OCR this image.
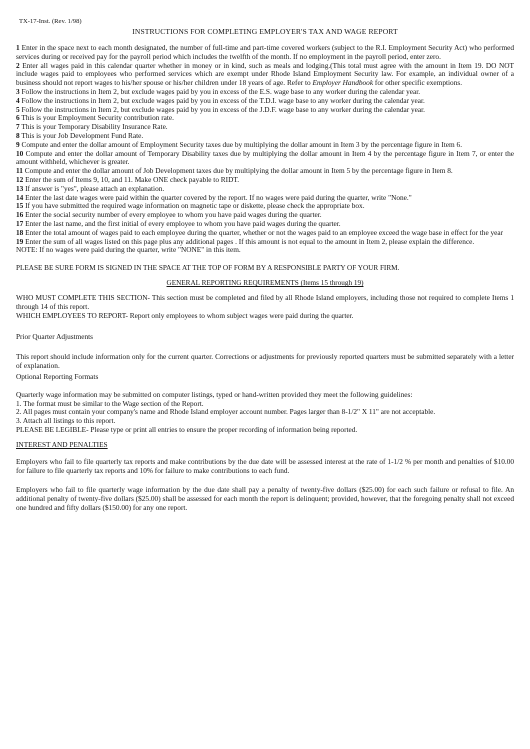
TX-17-Inst. (Rev. 1/98)
INSTRUCTIONS FOR COMPLETING EMPLOYER'S TAX AND WAGE REPORT

1 Enter in the space next to each month designated, the number of full-time and part-time covered workers (subject to the R.I. Employment Security Act) who performed services during or received pay for the payroll period which includes the twelfth of the month. If no employment in the payroll period, enter zero.

2 Enter all wages paid in this calendar quarter whether in money or in kind, such as meals and lodging.(This total must agree with the amount in Item 19. DO NOT include wages paid to employees who performed services which are exempt under Rhode Island Employment Security law. For example, an individual owner of a business should not report wages to his/her spouse or his/her children under 18 years of age. Refer to Employer Handbook for other specific exemptions.

3 Follow the instructions in Item 2, but exclude wages paid by you in excess of the E.S. wage base to any worker during the calendar year.

4 Follow the instructions in Item 2, but exclude wages paid by you in excess of the T.D.I. wage base to any worker during the calendar year.

5 Follow the instructions in Item 2, but exclude wages paid by you in excess of the J.D.F. wage base to any worker during the calendar year.

6 This is your Employment Security contribution rate.

7 This is your Temporary Disability Insurance Rate.

8 This is your Job Development Fund Rate.

9 Compute and enter the dollar amount of Employment Security taxes due by multiplying the dollar amount in Item 3 by the percentage figure in Item 6.

10 Compute and enter the dollar amount of Temporary Disability taxes due by multiplying the dollar amount in Item 4 by the percentage figure in Item 7, or enter the amount withheld, whichever is greater.

11 Compute and enter the dollar amount of Job Development taxes due by multiplying the dollar amount in Item 5 by the percentage figure in Item 8.

12 Enter the sum of Items 9, 10, and 11. Make ONE check payable to RIDT.

13 If answer is "yes", please attach an explanation.

14 Enter the last date wages were paid within the quarter covered by the report. If no wages were paid during the quarter, write "None."

15 If you have submitted the required wage information on magnetic tape or diskette, please check the appropriate box.

16 Enter the social security number of every employee to whom you have paid wages during the quarter.

17 Enter the last name, and the first initial of every employee to whom you have paid wages during the quarter.

18 Enter the total amount of wages paid to each employee during the quarter, whether or not the wages paid to an employee exceed the wage base in effect for the year

19 Enter the sum of all wages listed on this page plus any additional pages . If this amount is not equal to the amount in Item 2, please explain the difference.

NOTE: If no wages were paid during the quarter, write "NONE" in this item.

PLEASE BE SURE FORM IS SIGNED IN THE SPACE AT THE TOP OF FORM BY A RESPONSIBLE PARTY OF YOUR FIRM.

GENERAL REPORTING REQUIREMENTS (Items 15 through 19)

WHO MUST COMPLETE THIS SECTION- This section must be completed and filed by all Rhode Island employers, including those not required to complete Items 1 through 14 of this report.

WHICH EMPLOYEES TO REPORT- Report only employees to whom subject wages were paid during the quarter.

Prior Quarter Adjustments

This report should include information only for the current quarter. Corrections or adjustments for previously reported quarters must be submitted separately with a letter of explanation.

Optional Reporting Formats

Quarterly wage information may be submitted on computer listings, typed or hand-written provided they meet the following guidelines:

1. The format must be similar to the Wage section of the Report.

2. All pages must contain your company's name and Rhode Island employer account number. Pages larger than 8-1/2" X 11" are not acceptable.

3. Attach all listings to this report.

PLEASE BE LEGIBLE- Please type or print all entries to ensure the proper recording of information being reported.

INTEREST AND PENALTIES

Employers who fail to file quarterly tax reports and make contributions by the due date will be assessed interest at the rate of 1-1/2 % per month and penalties of $10.00 for failure to file quarterly tax reports and 10% for failure to make contributions to each fund.

Employers who fail to file quarterly wage information by the due date shall pay a penalty of twenty-five dollars ($25.00) for each such failure or refusal to file. An additional penalty of twenty-five dollars ($25.00) shall be assessed for each month the report is delinquent; provided, however, that the foregoing penalty shall not exceed one hundred and fifty dollars ($150.00) for any one report.
